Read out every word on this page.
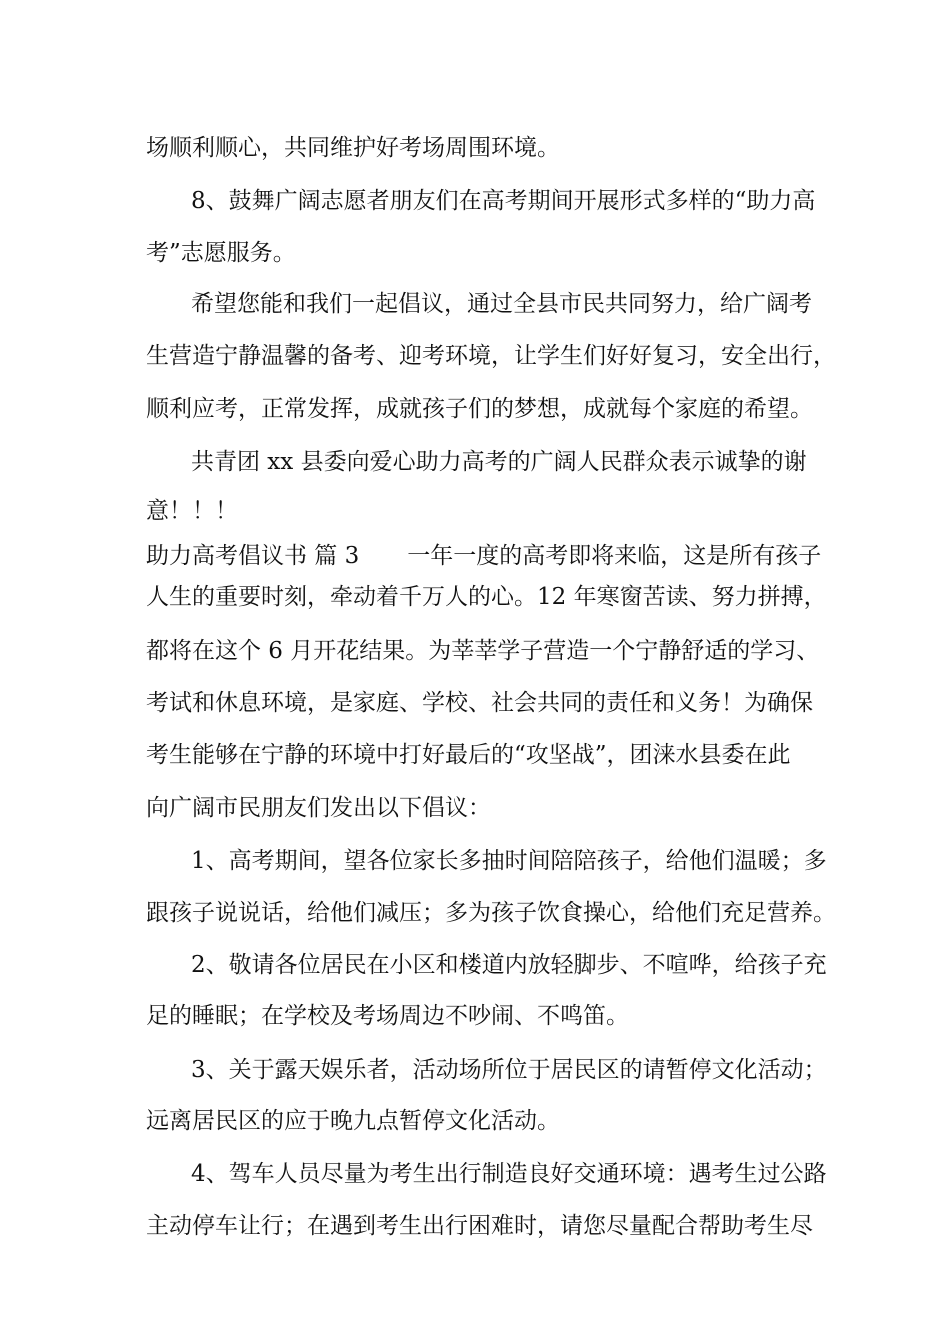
场顺利顺心，共同维护好考场周围环境。

8、鼓舞广阔志愿者朋友们在高考期间开展形式多样的“助力高

考”志愿服务。

希望您能和我们一起倡议，通过全县市民共同努力，给广阔考

生营造宁静温馨的备考、迎考环境，让学生们好好复习，安全出行，

顺利应考，正常发挥，成就孩子们的梦想，成就每个家庭的希望。

共青团 xx 县委向爱心助力高考的广阔人民群众表示诚挚的谢

意！！！

助力高考倡议书 篇 3 一年一度的高考即将来临，这是所有孩子

人生的重要时刻，牵动着千万人的心。12 年寒窗苦读、努力拼搏，

都将在这个 6 月开花结果。为莘莘学子营造一个宁静舒适的学习、

考试和休息环境，是家庭、学校、社会共同的责任和义务！为确保

考生能够在宁静的环境中打好最后的“攻坚战”，团涞水县委在此

向广阔市民朋友们发出以下倡议：

1、高考期间，望各位家长多抽时间陪陪孩子，给他们温暖；多

跟孩子说说话，给他们减压；多为孩子饮食操心，给他们充足营养。

2、敬请各位居民在小区和楼道内放轻脚步、不喧哗，给孩子充

足的睡眠；在学校及考场周边不吵闹、不鸣笛。

3、关于露天娱乐者，活动场所位于居民区的请暂停文化活动；

远离居民区的应于晚九点暂停文化活动。

4、驾车人员尽量为考生出行制造良好交通环境：遇考生过公路

主动停车让行；在遇到考生出行困难时，请您尽量配合帮助考生尽
